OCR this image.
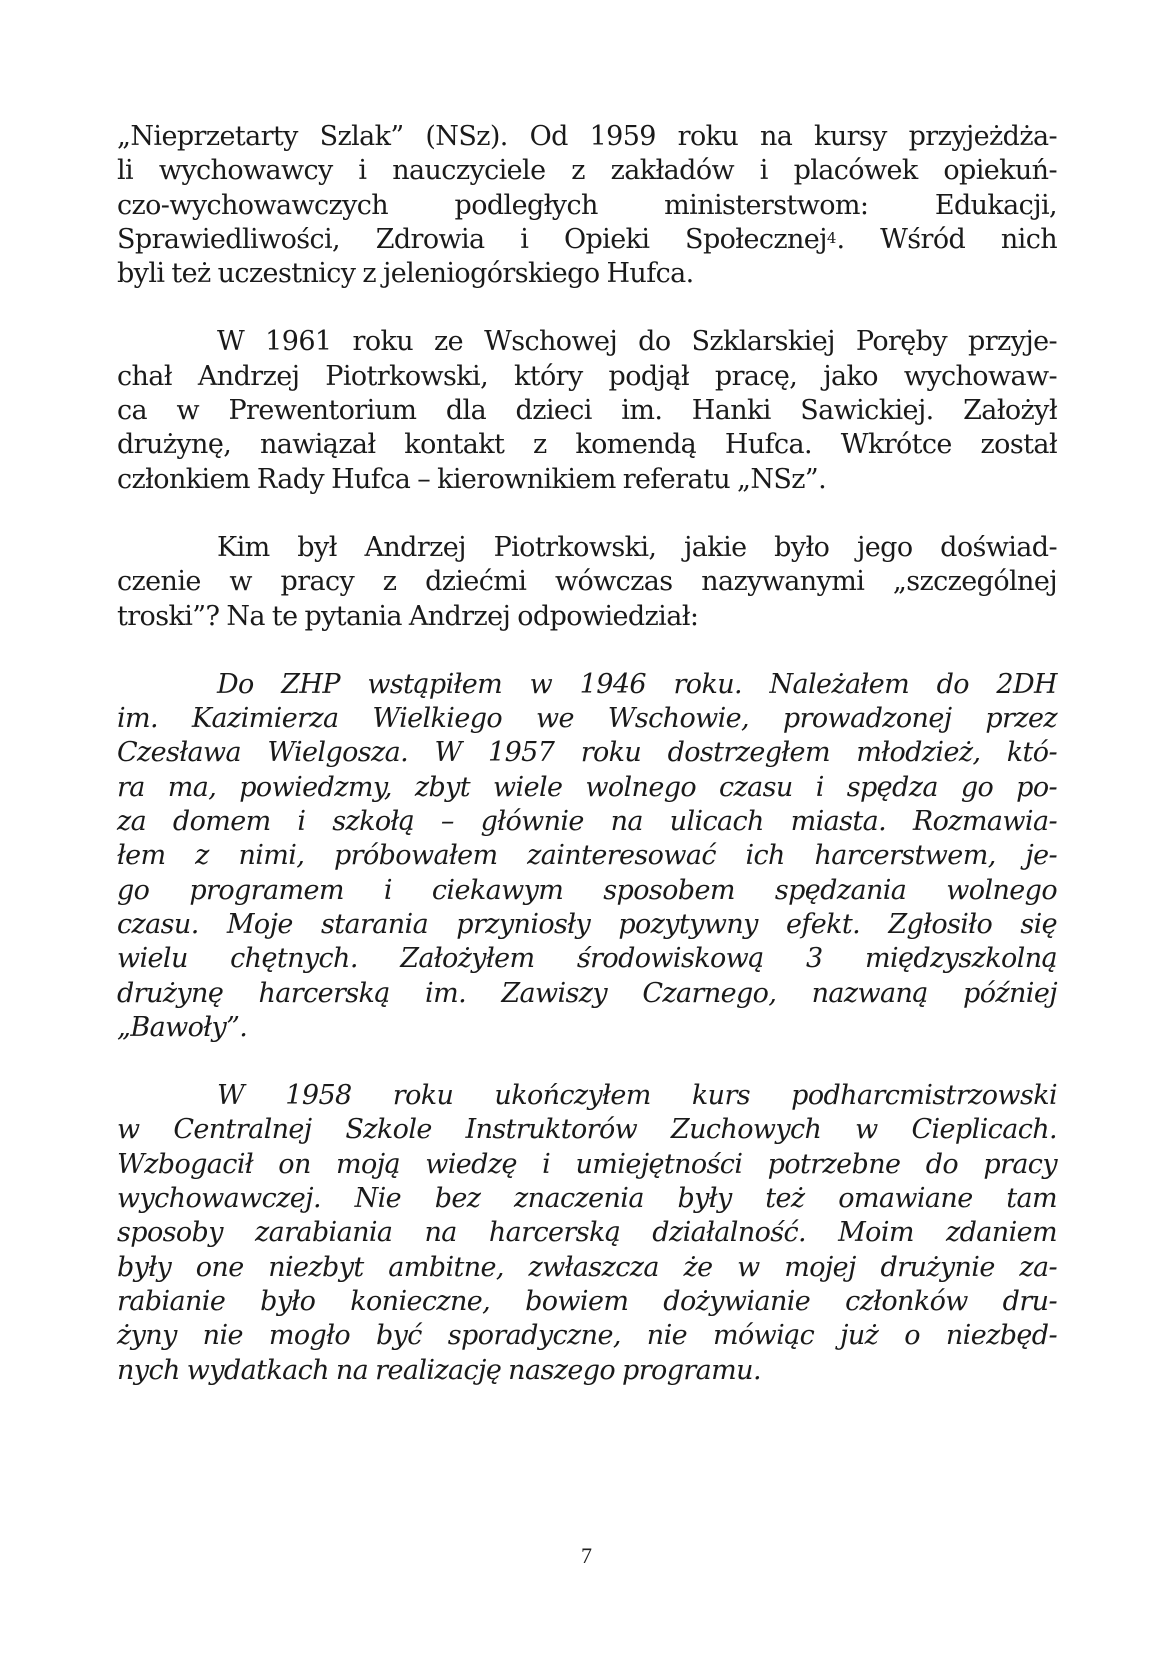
„Nieprzetarty Szlak” (NSz). Od 1959 roku na kursy przyjeżdża-
li wychowawcy i nauczyciele z zakładów i placówek opiekuń-
czo-wychowawczych podległych ministerstwom: Edukacji,
Sprawiedliwości, Zdrowia i Opieki Społecznej$^4$. Wśród nich
byli też uczestnicy z jeleniogórskiego Hufca.

W 1961 roku ze Wschowej do Szklarskiej Poręby przyje-
chał Andrzej Piotrkowski, który podjął pracę, jako wychowaw-
ca w Prewentorium dla dzieci im. Hanki Sawickiej. Założył
drużynę, nawiązał kontakt z komendą Hufca. Wkrótce został
członkiem Rady Hufca – kierownikiem referatu „NSz”.

Kim był Andrzej Piotrkowski, jakie było jego doświad-
czenie w pracy z dziećmi wówczas nazywanymi „szczególnej
troski”? Na te pytania Andrzej odpowiedział:

Do ZHP wstąpiłem w 1946 roku. Należałem do 2DH
im. Kazimierza Wielkiego we Wschowie, prowadzonej przez
Czesława Wielgosza. W 1957 roku dostrzegłem młodzież, któ-
ra ma, powiedzmy, zbyt wiele wolnego czasu i spędza go po-
za domem i szkołą – głównie na ulicach miasta. Rozmawia-
łem z nimi, próbowałem zainteresować ich harcerstwem, je-
go programem i ciekawym sposobem spędzania wolnego
czasu. Moje starania przyniosły pozytywny efekt. Zgłosiło się
wielu chętnych. Założyłem środowiskową 3 międzyszkolną
drużynę harcerską im. Zawiszy Czarnego, nazwaną później
„Bawoły”.

W 1958 roku ukończyłem kurs podharcmistrzowski
w Centralnej Szkole Instruktorów Zuchowych w Cieplicach.
Wzbogacił on moją wiedzę i umiejętności potrzebne do pracy
wychowawczej. Nie bez znaczenia były też omawiane tam
sposoby zarabiania na harcerską działalność. Moim zdaniem
były one niezbyt ambitne, zwłaszcza że w mojej drużynie za-
rabianie było konieczne, bowiem dożywianie członków dru-
żyny nie mogło być sporadyczne, nie mówiąc już o niezbęd-
nych wydatkach na realizację naszego programu.

7
